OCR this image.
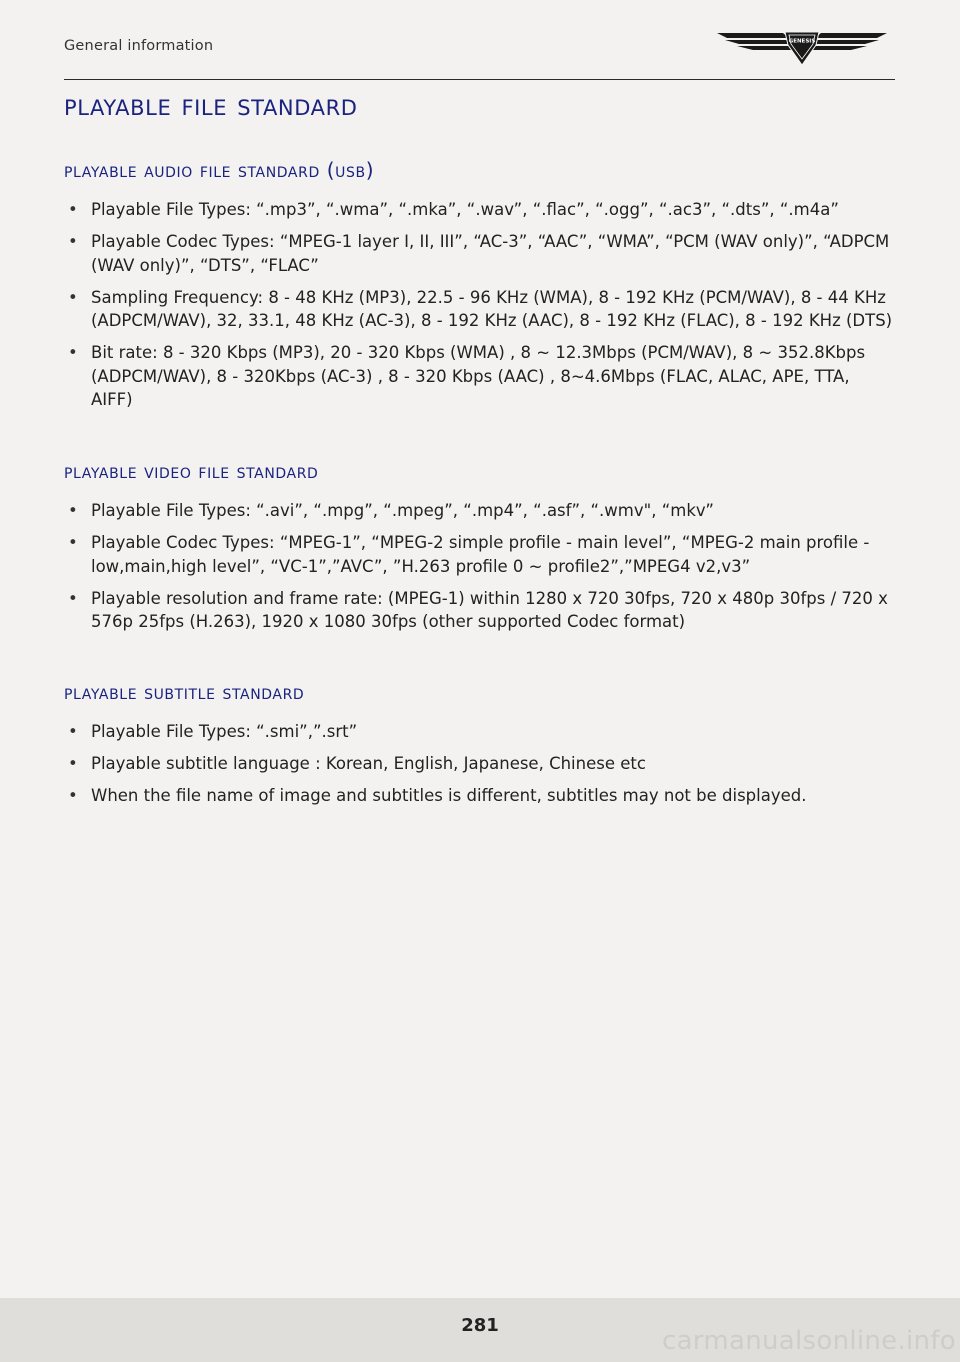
General information	GENESIS
playable file standard
playable audio file standard (usb)
• Playable File Types: “.mp3”, “.wma”, “.mka”, “.wav”, “.flac”, “.ogg”, “.ac3”, “.dts”, “.m4a”
• Playable Codec Types: “MPEG-1 layer I, II, III”, “AC-3”, “AAC”, “WMA”, “PCM (WAV only)”, “ADPCM (WAV only)”, “DTS”, “FLAC”
• Sampling Frequency: 8 - 48 KHz (MP3), 22.5 - 96 KHz (WMA), 8 - 192 KHz (PCM/WAV), 8 - 44 KHz (ADPCM/WAV), 32, 33.1, 48 KHz (AC-3), 8 - 192 KHz (AAC), 8 - 192 KHz (FLAC), 8 - 192 KHz (DTS)
• Bit rate: 8 - 320 Kbps (MP3), 20 - 320 Kbps (WMA) , 8 ~ 12.3Mbps (PCM/WAV), 8 ~ 352.8Kbps (ADPCM/WAV), 8 - 320Kbps (AC-3) , 8 - 320 Kbps (AAC) , 8~4.6Mbps (FLAC, ALAC, APE, TTA, AIFF)
playable video file standard
• Playable File Types: “.avi”, “.mpg”, “.mpeg”, “.mp4”, “.asf”, “.wmv", “mkv”
• Playable Codec Types: “MPEG-1”, “MPEG-2 simple profile - main level”, “MPEG-2 main profile - low,main,high level”, “VC-1”,”AVC”, ”H.263 profile 0 ~ profile2”,”MPEG4 v2,v3”
• Playable resolution and frame rate: (MPEG-1) within 1280 x 720 30fps, 720 x 480p 30fps / 720 x 576p 25fps (H.263), 1920 x 1080 30fps (other supported Codec format)
playable subtitle standard
• Playable File Types: “.smi”,”.srt”
• Playable subtitle language : Korean, English, Japanese, Chinese etc
• When the file name of image and subtitles is different, subtitles may not be displayed.
281
carmanualsonline.info
